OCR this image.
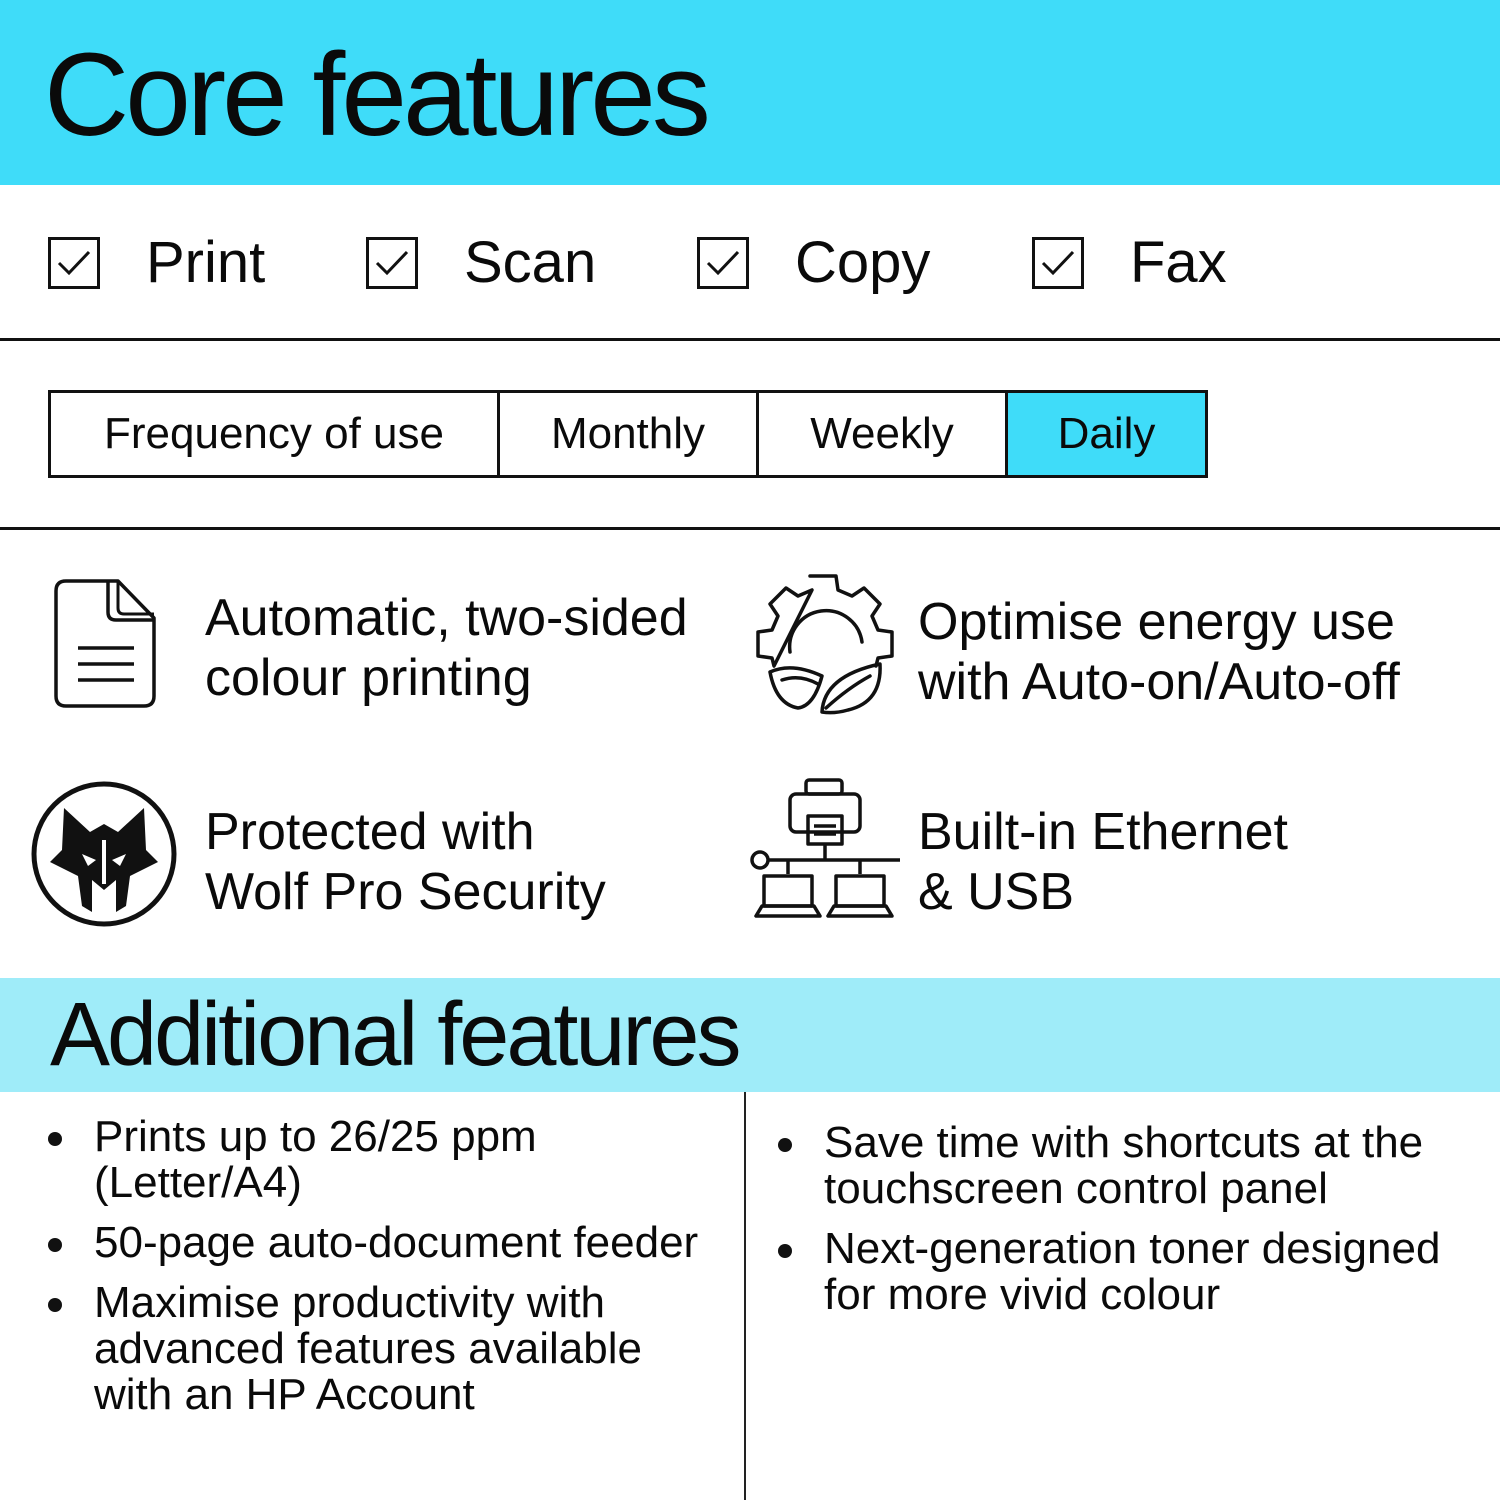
Core features
Print	Scan	Copy	Fax
Frequency of use	Monthly	Weekly	Daily
Automatic, two-sided
colour printing
Optimise energy use
with Auto-on/Auto-off
Protected with
Wolf Pro Security
Built-in Ethernet
& USB
Additional features
Prints up to 26/25 ppm (Letter/A4)
50-page auto-document feeder
Maximise productivity with advanced features available with an HP Account
Save time with shortcuts at the touchscreen control panel
Next-generation toner designed for more vivid colour
